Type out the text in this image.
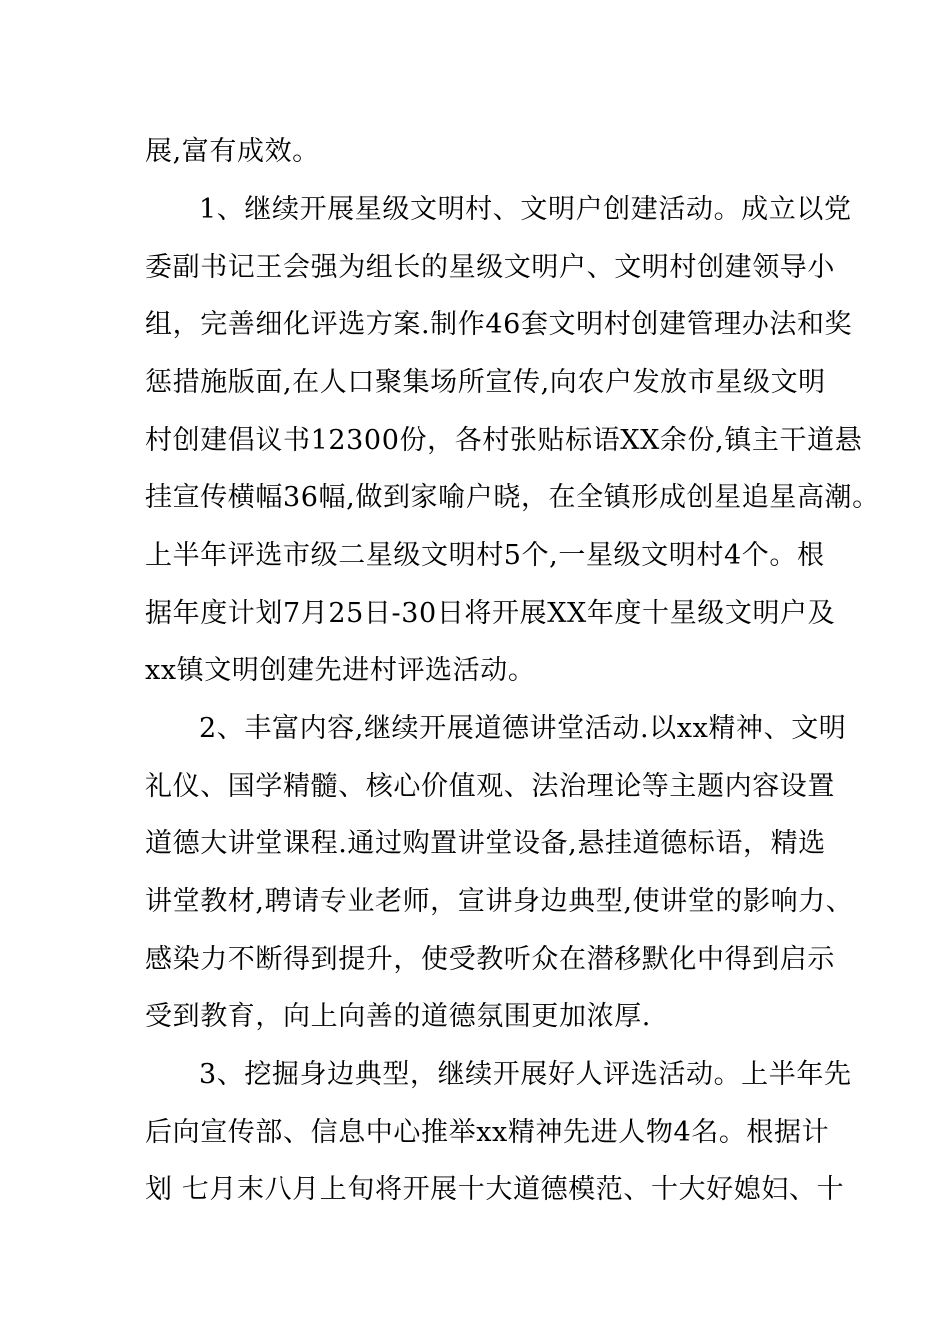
展,富有成效。
1、继续开展星级文明村、文明户创建活动。成立以党
委副书记王会强为组长的星级文明户、文明村创建领导小
组，完善细化评选方案.制作46套文明村创建管理办法和奖
惩措施版面,在人口聚集场所宣传,向农户发放市星级文明
村创建倡议书12300份，各村张贴标语XX余份,镇主干道悬
挂宣传横幅36幅,做到家喻户晓，在全镇形成创星追星高潮。
上半年评选市级二星级文明村5个,一星级文明村4个。根
据年度计划7月25日-30日将开展XX年度十星级文明户及
xx镇文明创建先进村评选活动。
2、丰富内容,继续开展道德讲堂活动.以xx精神、文明
礼仪、国学精髓、核心价值观、法治理论等主题内容设置
道德大讲堂课程.通过购置讲堂设备,悬挂道德标语，精选
讲堂教材,聘请专业老师，宣讲身边典型,使讲堂的影响力、
感染力不断得到提升，使受教听众在潜移默化中得到启示
受到教育，向上向善的道德氛围更加浓厚.
3、挖掘身边典型，继续开展好人评选活动。上半年先
后向宣传部、信息中心推举xx精神先进人物4名。根据计
划 七月末八月上旬将开展十大道德模范、十大好媳妇、十
